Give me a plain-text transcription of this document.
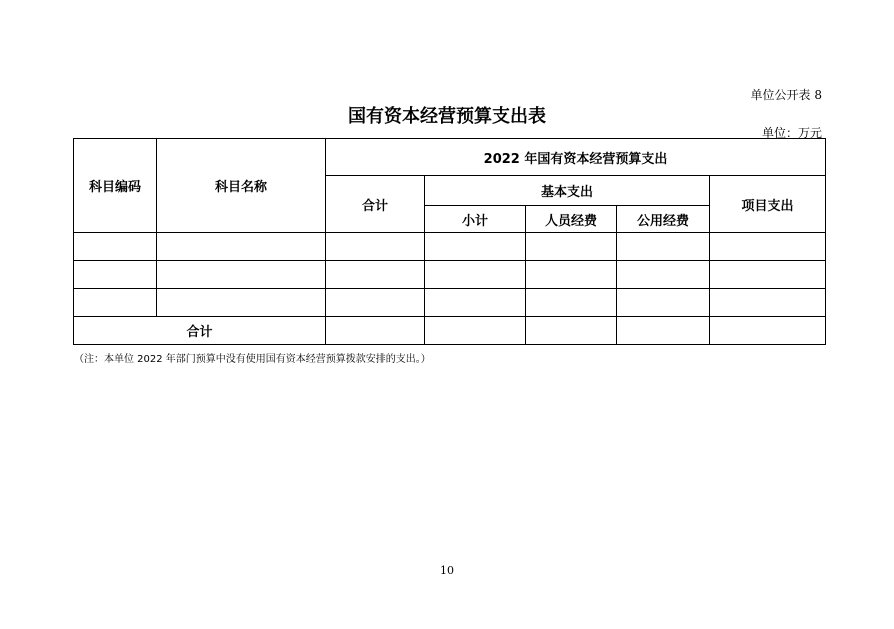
单位公开表 8
国有资本经营预算支出表
单位：万元
科目编码	科目名称	2022 年国有资本经营预算支出				
		合计	基本支出			项目支出
			小计	人员经费	公用经费	

合计						
（注：本单位 2022 年部门预算中没有使用国有资本经营预算拨款安排的支出。）
10
